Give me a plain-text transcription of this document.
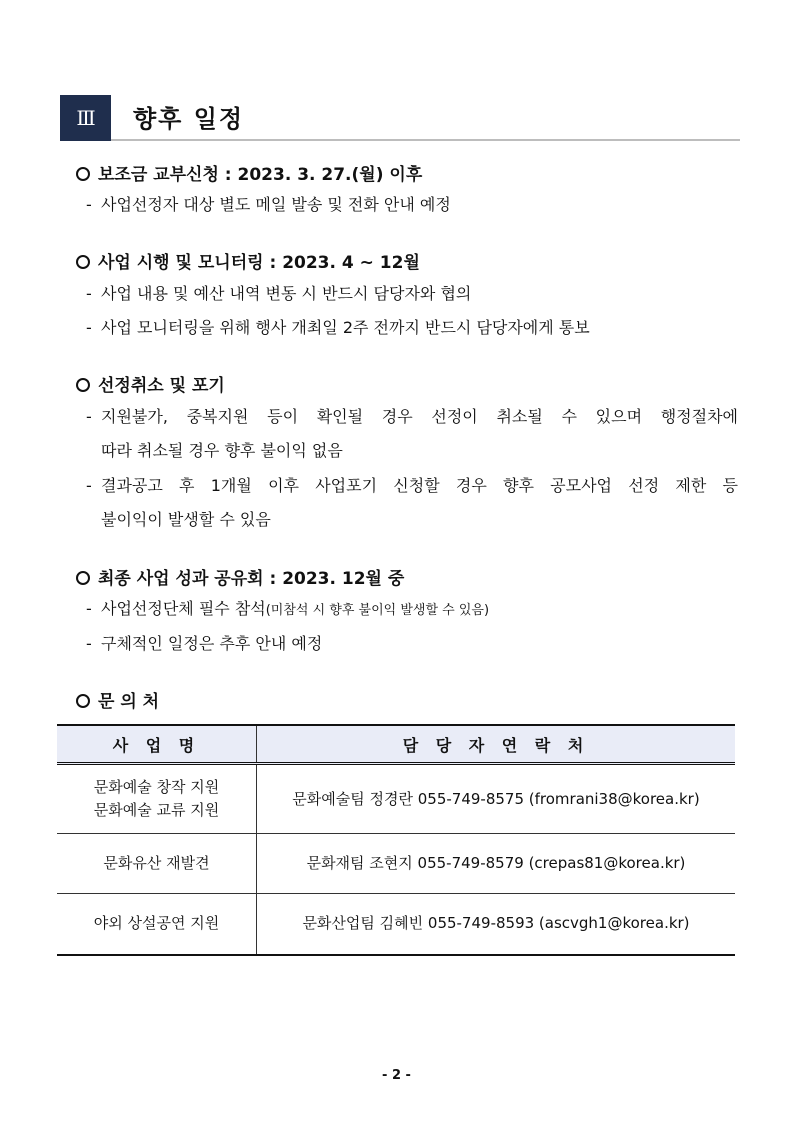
Ⅲ	향후 일정
보조금 교부신청 : 2023. 3. 27.(월) 이후
- 사업선정자 대상 별도 메일 발송 및 전화 안내 예정
사업 시행 및 모니터링 : 2023. 4 ~ 12월
- 사업 내용 및 예산 내역 변동 시 반드시 담당자와 협의
- 사업 모니터링을 위해 행사 개최일 2주 전까지 반드시 담당자에게 통보
선정취소 및 포기
- 지원불가, 중복지원 등이 확인될 경우 선정이 취소될 수 있으며 행정절차에
따라 취소될 경우 향후 불이익 없음
- 결과공고 후 1개월 이후 사업포기 신청할 경우 향후 공모사업 선정 제한 등
불이익이 발생할 수 있음
최종 사업 성과 공유회 : 2023. 12월 중
- 사업선정단체 필수 참석(미참석 시 향후 불이익 발생할 수 있음)
- 구체적인 일정은 추후 안내 예정
문 의 처
사 업 명	담 당 자 연 락 처

문화예술 창작 지원
문화예술 교류 지원	문화예술팀 정경란 055-749-8575 (fromrani38@korea.kr)

문화유산 재발견	문화재팀 조현지 055-749-8579 (crepas81@korea.kr)

야외 상설공연 지원	문화산업팀 김혜빈 055-749-8593 (ascvgh1@korea.kr)
- 2 -
